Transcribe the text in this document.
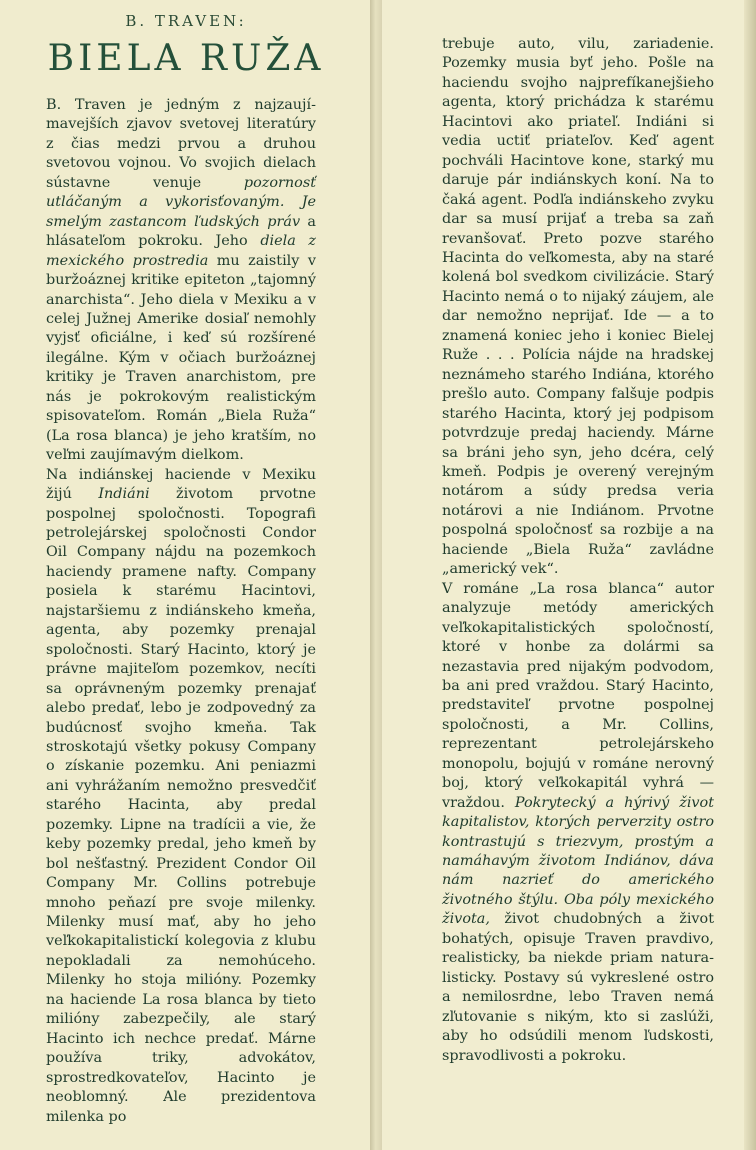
B. TRAVEN:
BIELA RUŽA

B. Traven je jedným z najzaujímavejších zjavov svetovej literatúry z čias medzi prvou a druhou svetovou vojnou. Vo svojich dielach sústavne venuje pozornosť utláčaným a vykorisťovaným. Je smelým zastancom ľudských práv a hlásateľom pokroku. Jeho diela z mexického prostredia mu zaistily v buržoáznej kritike epiteton „tajomný anarchista“. Jeho diela v Mexiku a v celej Južnej Amerike dosiaľ nemohly vyjsť oficiálne, i keď sú rozšírené ilegálne. Kým v očiach buržoáznej kritiky je Traven anarchistom, pre nás je pokrokovým realistickým spisovateľom. Román „Biela Ruža“ (La rosa blanca) je jeho kratším, no veľmi zaujímavým dielkom.

Na indiánskej haciende v Mexiku žijú Indiáni životom prvotne pospolnej spoločnosti. Topografi petrolejárskej spoločnosti Condor Oil Company nájdu na pozemkoch haciendy pramene nafty. Company posiela k starému Hacintovi, najstaršiemu z indiánskeho kmeňa, agenta, aby pozemky prenajal spoločnosti. Starý Hacinto, ktorý je právne majiteľom pozemkov, necíti sa oprávneným pozemky prenajať alebo predať, lebo je zodpovedný za budúcnosť svojho kmeňa. Tak stroskotajú všetky pokusy Company o získanie pozemku. Ani peniazmi ani vyhrážaním nemožno presvedčiť starého Hacinta, aby predal pozemky. Lipne na tradícii a vie, že keby pozemky predal, jeho kmeň by bol nešťastný. Prezident Condor Oil Company Mr. Collins potrebuje mnoho peňazí pre svoje milenky. Milenky musí mať, aby ho jeho veľkokapitalistickí kolegovia z klubu nepokladali za nemohúceho. Milenky ho stoja milióny. Pozemky na haciende La rosa blanca by tieto milióny zabezpečily, ale starý Hacinto ich nechce predať. Márne používa triky, advokátov, sprostredkovateľov, Hacinto je neoblomný. Ale prezidentova milenka po

trebuje auto, vilu, zariadenie. Pozemky musia byť jeho. Pošle na haciendu svojho najprefíkanejšieho agenta, ktorý prichádza k starému Hacintovi ako priateľ. Indiáni si vedia uctiť priateľov. Keď agent pochváli Hacintove kone, starký mu daruje pár indiánskych koní. Na to čaká agent. Podľa indiánskeho zvyku dar sa musí prijať a treba sa zaň revanšovať. Preto pozve starého Hacinta do veľkomesta, aby na staré kolená bol svedkom civilizácie. Starý Hacinto nemá o to nijaký záujem, ale dar nemožno neprijať. Ide — a to znamená koniec jeho i koniec Bielej Ruže . . . Polícia nájde na hradskej neznámeho starého Indiána, ktorého prešlo auto. Company falšuje podpis starého Hacinta, ktorý jej podpisom potvrdzuje predaj haciendy. Márne sa bráni jeho syn, jeho dcéra, celý kmeň. Podpis je overený verejným notárom a súdy predsa veria notárovi a nie Indiánom. Prvotne pospolná spoločnosť sa rozbije a na haciende „Biela Ruža“ zavládne „americký vek“.

V románe „La rosa blanca“ autor analyzuje metódy amerických veľkokapitalistických spoločností, ktoré v honbe za dolármi sa nezastavia pred nijakým podvodom, ba ani pred vraždou. Starý Hacinto, predstaviteľ prvotne pospolnej spoločnosti, a Mr. Collins, reprezentant petrolejárskeho monopolu, bojujú v románe nerovný boj, ktorý veľkokapitál vyhrá — vraždou. Pokrytecký a hýrivý život kapitalistov, ktorých perverzity ostro kontrastujú s triezvym, prostým a namáhavým životom Indiánov, dáva nám nazrieť do amerického životného štýlu. Oba póly mexického života, život chudobných a život bohatých, opisuje Traven pravdivo, realisticky, ba niekde priam naturalisticky. Postavy sú vykreslené ostro a nemilosrdne, lebo Traven nemá zľutovanie s nikým, kto si zaslúži, aby ho odsúdili menom ľudskosti, spravodlivosti a pokroku.
